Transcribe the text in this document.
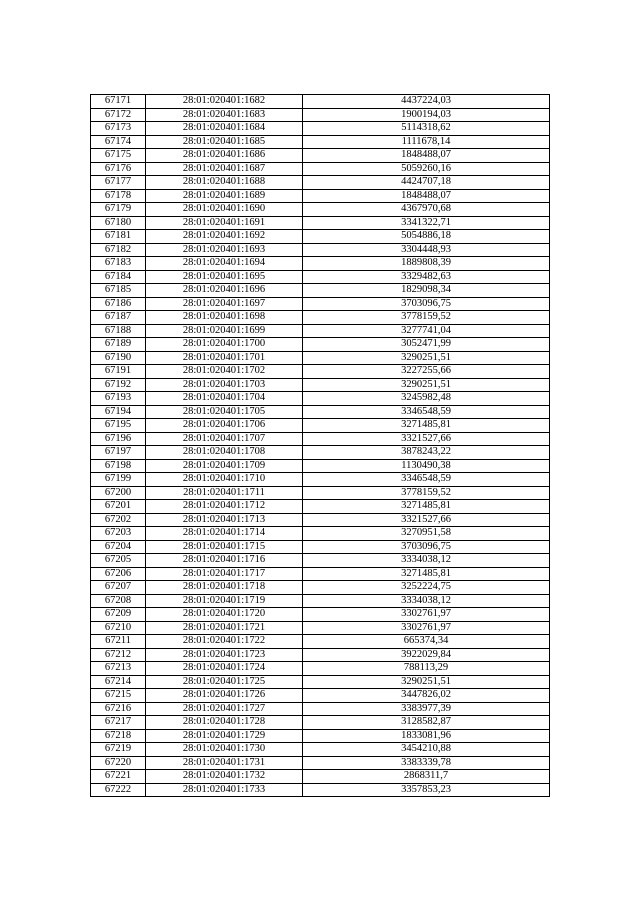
67171	28:01:020401:1682	4437224,03
67172	28:01:020401:1683	1900194,03
67173	28:01:020401:1684	5114318,62
67174	28:01:020401:1685	1111678,14
67175	28:01:020401:1686	1848488,07
67176	28:01:020401:1687	5059260,16
67177	28:01:020401:1688	4424707,18
67178	28:01:020401:1689	1848488,07
67179	28:01:020401:1690	4367970,68
67180	28:01:020401:1691	3341322,71
67181	28:01:020401:1692	5054886,18
67182	28:01:020401:1693	3304448,93
67183	28:01:020401:1694	1889808,39
67184	28:01:020401:1695	3329482,63
67185	28:01:020401:1696	1829098,34
67186	28:01:020401:1697	3703096,75
67187	28:01:020401:1698	3778159,52
67188	28:01:020401:1699	3277741,04
67189	28:01:020401:1700	3052471,99
67190	28:01:020401:1701	3290251,51
67191	28:01:020401:1702	3227255,66
67192	28:01:020401:1703	3290251,51
67193	28:01:020401:1704	3245982,48
67194	28:01:020401:1705	3346548,59
67195	28:01:020401:1706	3271485,81
67196	28:01:020401:1707	3321527,66
67197	28:01:020401:1708	3878243,22
67198	28:01:020401:1709	1130490,38
67199	28:01:020401:1710	3346548,59
67200	28:01:020401:1711	3778159,52
67201	28:01:020401:1712	3271485,81
67202	28:01:020401:1713	3321527,66
67203	28:01:020401:1714	3270951,58
67204	28:01:020401:1715	3703096,75
67205	28:01:020401:1716	3334038,12
67206	28:01:020401:1717	3271485,81
67207	28:01:020401:1718	3252224,75
67208	28:01:020401:1719	3334038,12
67209	28:01:020401:1720	3302761,97
67210	28:01:020401:1721	3302761,97
67211	28:01:020401:1722	665374,34
67212	28:01:020401:1723	3922029,84
67213	28:01:020401:1724	788113,29
67214	28:01:020401:1725	3290251,51
67215	28:01:020401:1726	3447826,02
67216	28:01:020401:1727	3383977,39
67217	28:01:020401:1728	3128582,87
67218	28:01:020401:1729	1833081,96
67219	28:01:020401:1730	3454210,88
67220	28:01:020401:1731	3383339,78
67221	28:01:020401:1732	2868311,7
67222	28:01:020401:1733	3357853,23
